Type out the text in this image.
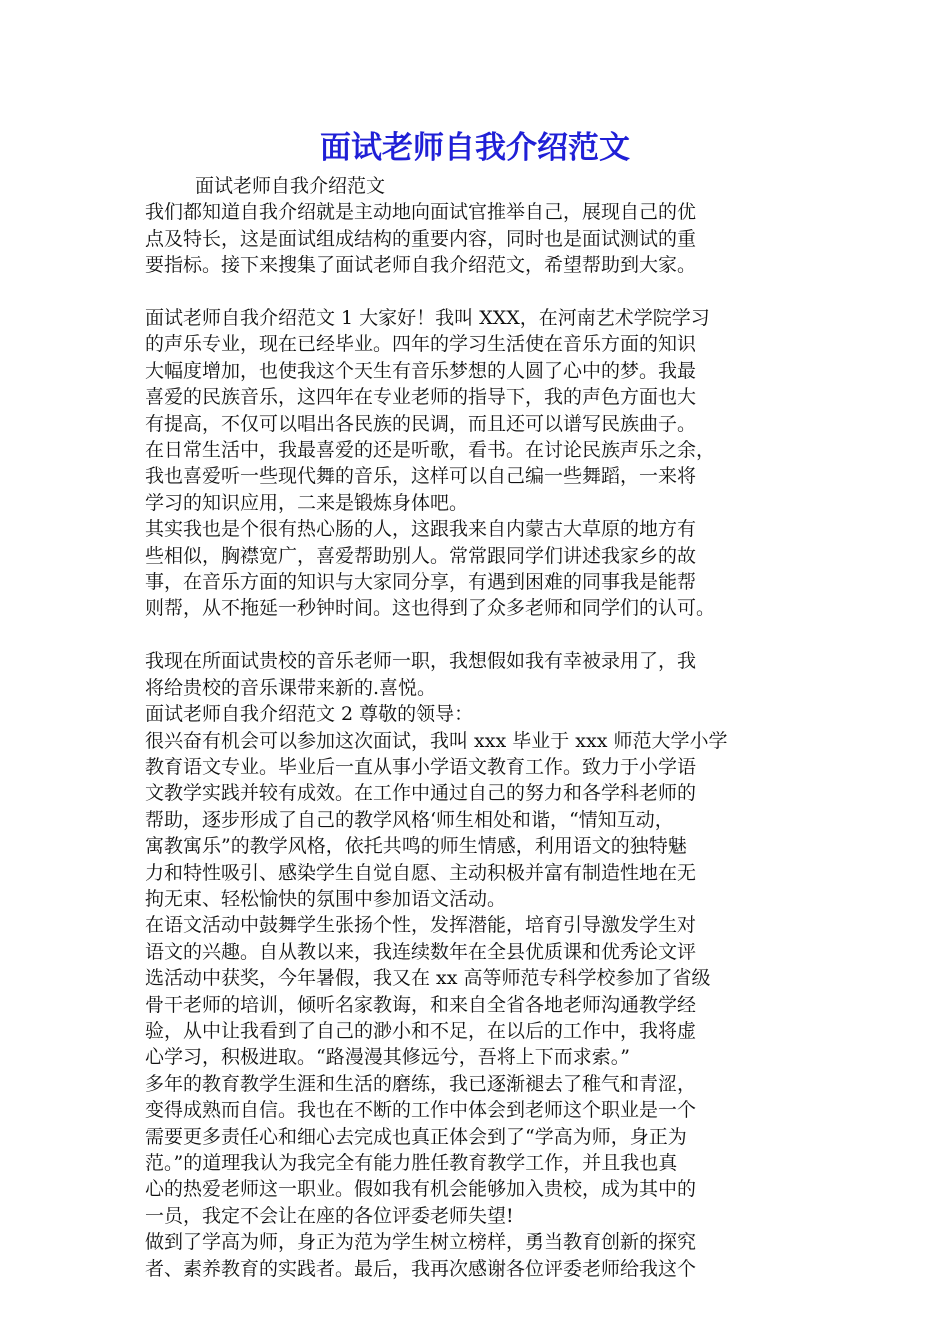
面试老师自我介绍范文

面试老师自我介绍范文

我们都知道自我介绍就是主动地向面试官推举自己，展现自己的优

点及特长，这是面试组成结构的重要内容，同时也是面试测试的重

要指标。接下来搜集了面试老师自我介绍范文，希望帮助到大家。

面试老师自我介绍范文 1 大家好！我叫 XXX，在河南艺术学院学习

的声乐专业，现在已经毕业。四年的学习生活使在音乐方面的知识

大幅度增加，也使我这个天生有音乐梦想的人圆了心中的梦。我最

喜爱的民族音乐，这四年在专业老师的指导下，我的声色方面也大

有提高，不仅可以唱出各民族的民调，而且还可以谱写民族曲子。

在日常生活中，我最喜爱的还是听歌，看书。在讨论民族声乐之余，

我也喜爱听一些现代舞的音乐，这样可以自己编一些舞蹈，一来将

学习的知识应用，二来是锻炼身体吧。

其实我也是个很有热心肠的人，这跟我来自内蒙古大草原的地方有

些相似，胸襟宽广，喜爱帮助别人。常常跟同学们讲述我家乡的故

事，在音乐方面的知识与大家同分享，有遇到困难的同事我是能帮

则帮，从不拖延一秒钟时间。这也得到了众多老师和同学们的认可。

我现在所面试贵校的音乐老师一职，我想假如我有幸被录用了，我

将给贵校的音乐课带来新的.喜悦。

面试老师自我介绍范文 2 尊敬的领导：

很兴奋有机会可以参加这次面试，我叫 xxx 毕业于 xxx 师范大学小学

教育语文专业。毕业后一直从事小学语文教育工作。致力于小学语

文教学实践并较有成效。在工作中通过自己的努力和各学科老师的

帮助，逐步形成了自己的教学风格‘师生相处和谐，“情知互动，

寓教寓乐”的教学风格，依托共鸣的师生情感，利用语文的独特魅

力和特性吸引、感染学生自觉自愿、主动积极并富有制造性地在无

拘无束、轻松愉快的氛围中参加语文活动。

在语文活动中鼓舞学生张扬个性，发挥潜能，培育引导激发学生对

语文的兴趣。自从教以来，我连续数年在全县优质课和优秀论文评

选活动中获奖，今年暑假，我又在 xx 高等师范专科学校参加了省级

骨干老师的培训，倾听名家教诲，和来自全省各地老师沟通教学经

验，从中让我看到了自己的渺小和不足，在以后的工作中，我将虚

心学习，积极进取。“路漫漫其修远兮，吾将上下而求索。”

多年的教育教学生涯和生活的磨练，我已逐渐褪去了稚气和青涩，

变得成熟而自信。我也在不断的工作中体会到老师这个职业是一个

需要更多责任心和细心去完成也真正体会到了“学高为师，身正为

范。”的道理我认为我完全有能力胜任教育教学工作，并且我也真

心的热爱老师这一职业。假如我有机会能够加入贵校，成为其中的

一员，我定不会让在座的各位评委老师失望!

做到了学高为师，身正为范为学生树立榜样，勇当教育创新的探究

者、素养教育的实践者。最后，我再次感谢各位评委老师给我这个
